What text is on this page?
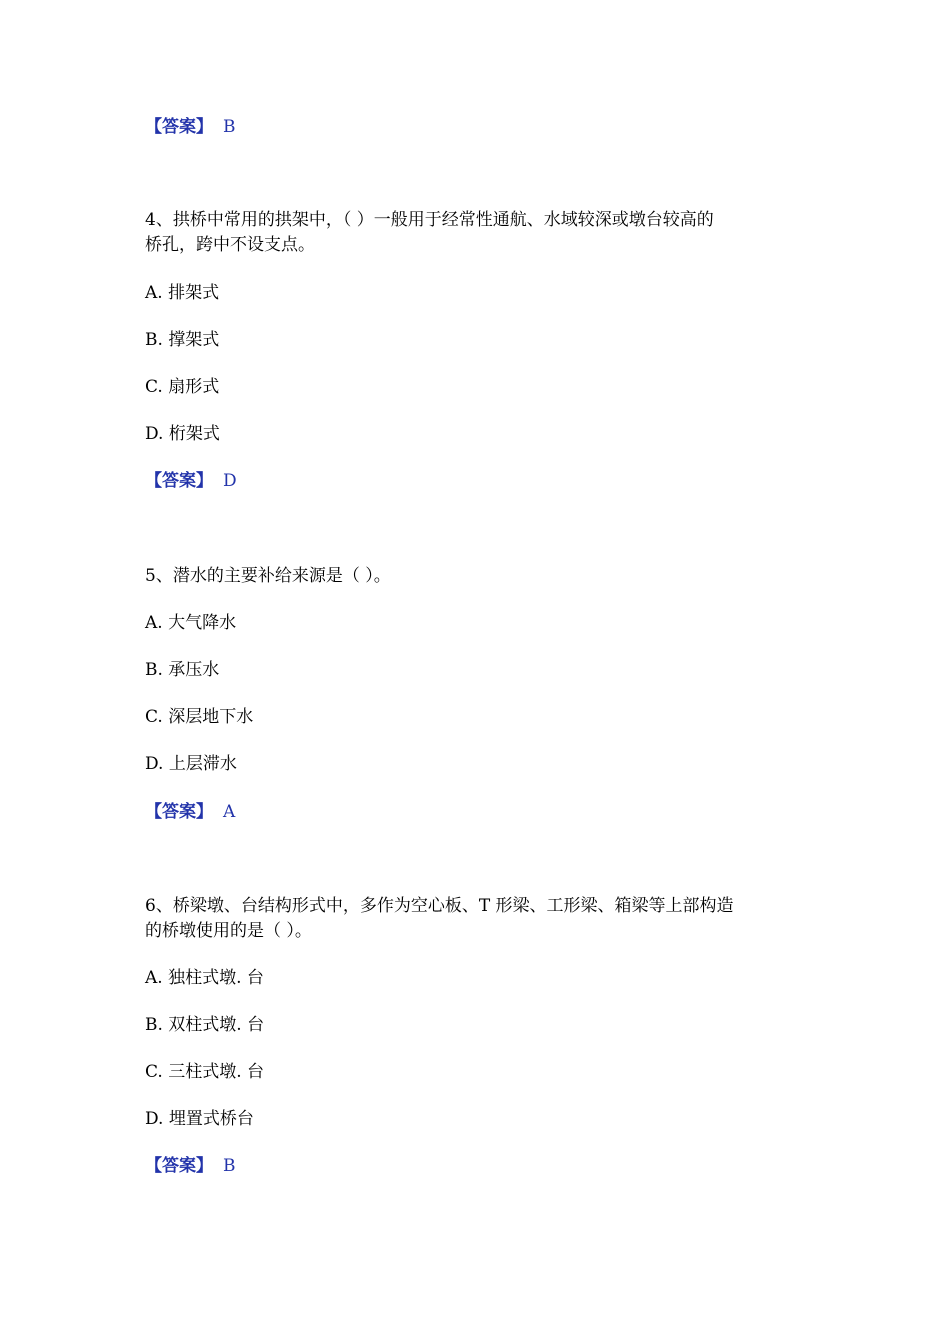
【答案】 B
4、拱桥中常用的拱架中，（ ）一般用于经常性通航、水域较深或墩台较高的
桥孔，跨中不设支点。
A. 排架式
B. 撑架式
C. 扇形式
D. 桁架式
【答案】 D
5、潜水的主要补给来源是（ ）。
A. 大气降水
B. 承压水
C. 深层地下水
D. 上层滞水
【答案】 A
6、桥梁墩、台结构形式中，多作为空心板、T 形梁、工形梁、箱梁等上部构造
的桥墩使用的是（ ）。
A. 独柱式墩. 台
B. 双柱式墩. 台
C. 三柱式墩. 台
D. 埋置式桥台
【答案】 B
